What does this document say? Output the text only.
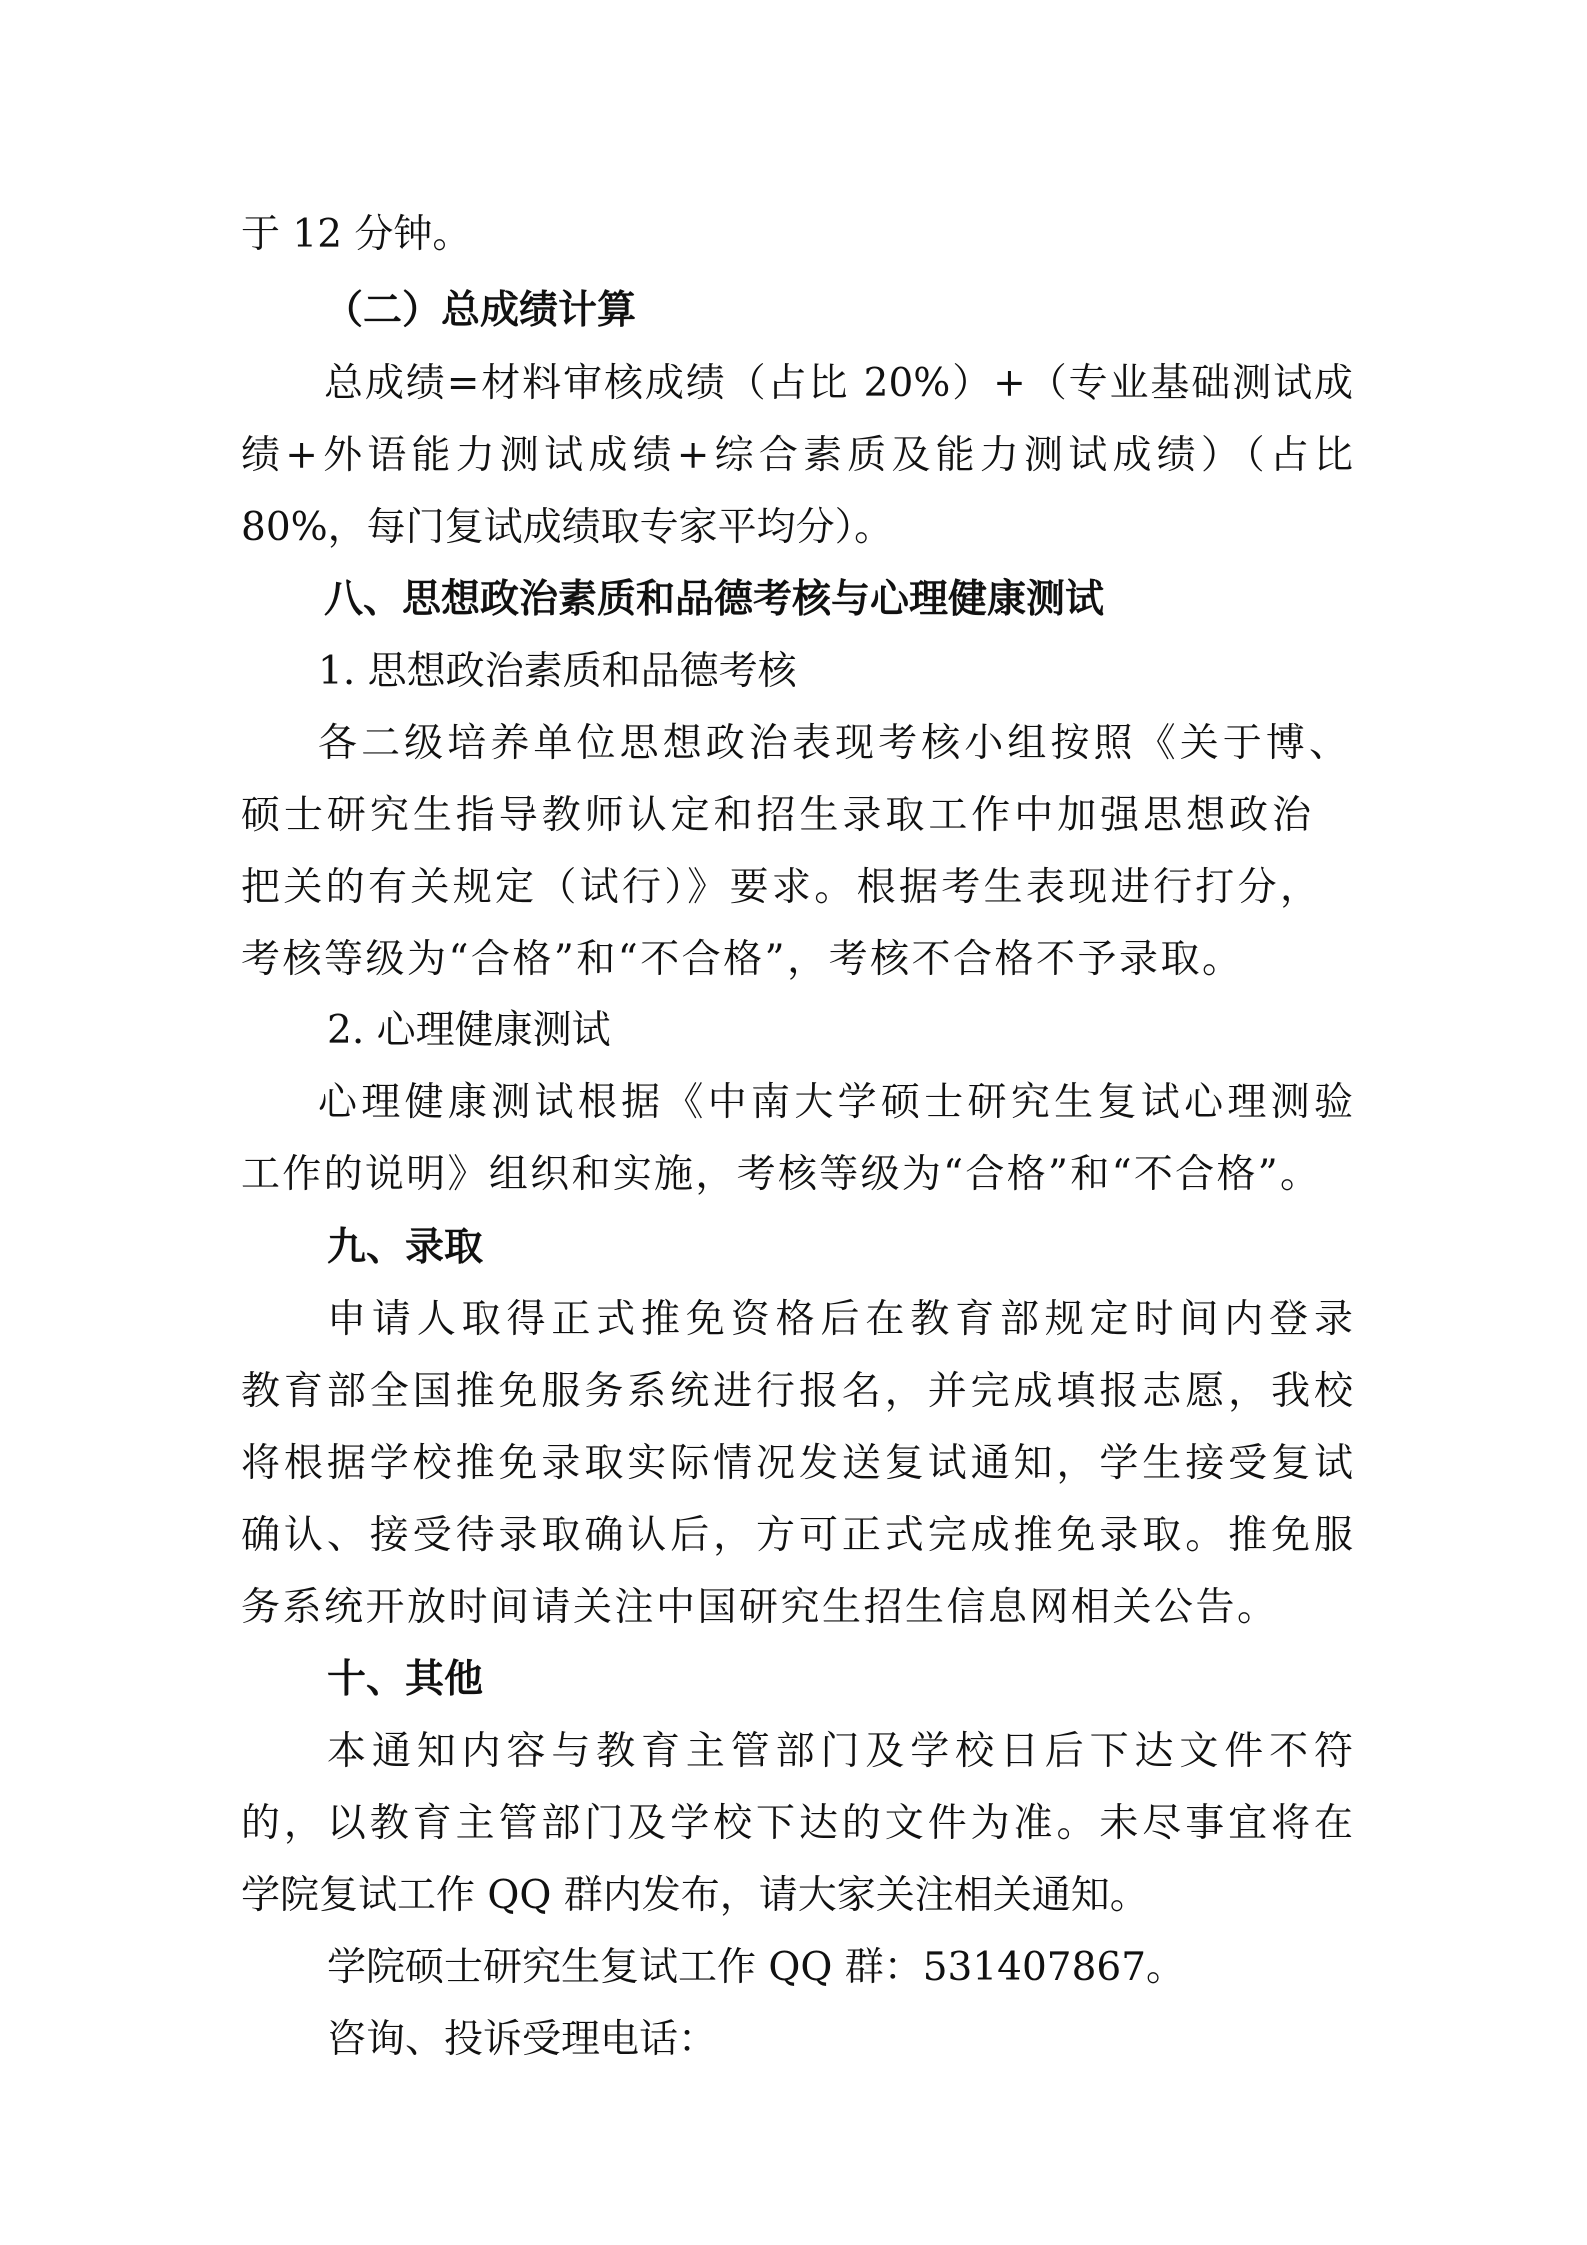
于 12 分钟。
（二）总成绩计算
总成绩=材料审核成绩（占比 20%）+（专业基础测试成
绩+外语能力测试成绩+综合素质及能力测试成绩）（占比
80%，每门复试成绩取专家平均分）。
八、思想政治素质和品德考核与心理健康测试
1. 思想政治素质和品德考核
各二级培养单位思想政治表现考核小组按照《关于博、
硕士研究生指导教师认定和招生录取工作中加强思想政治
把关的有关规定（试行）》要求。根据考生表现进行打分，
考核等级为“合格”和“不合格”，考核不合格不予录取。
2. 心理健康测试
心理健康测试根据《中南大学硕士研究生复试心理测验
工作的说明》组织和实施，考核等级为“合格”和“不合格”。
九、录取
申请人取得正式推免资格后在教育部规定时间内登录
教育部全国推免服务系统进行报名，并完成填报志愿，我校
将根据学校推免录取实际情况发送复试通知，学生接受复试
确认、接受待录取确认后，方可正式完成推免录取。推免服
务系统开放时间请关注中国研究生招生信息网相关公告。
十、其他
本通知内容与教育主管部门及学校日后下达文件不符
的，以教育主管部门及学校下达的文件为准。未尽事宜将在
学院复试工作 QQ 群内发布，请大家关注相关通知。
学院硕士研究生复试工作 QQ 群：531407867。
咨询、投诉受理电话：
